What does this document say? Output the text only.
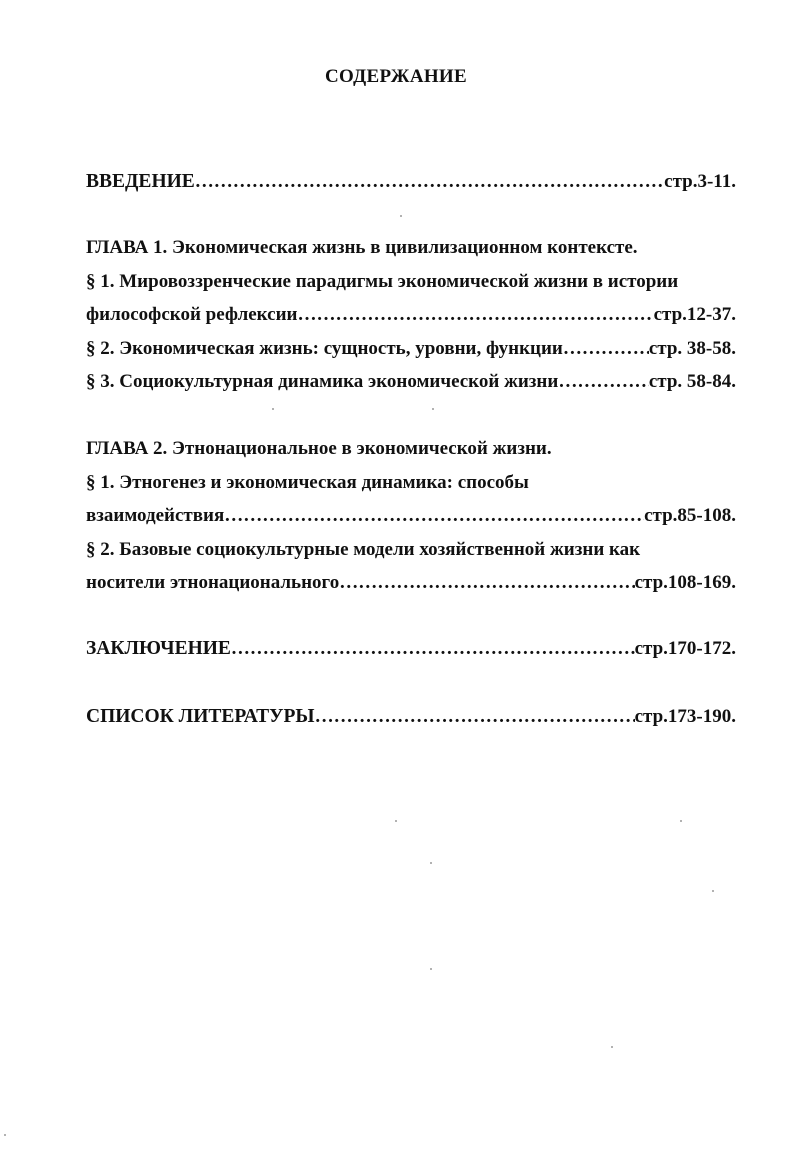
СОДЕРЖАНИЕ
ВВЕДЕНИЕ ……………………………………………………………………………………………………………………………………………………………	стр.3-11.
ГЛАВА 1. Экономическая жизнь в цивилизационном контексте.
§ 1. Мировоззренческие парадигмы экономической жизни в истории
философской рефлексии ……………………………………………………………………………………………………………………………………………………………	стр.12-37.
§ 2. Экономическая жизнь: сущность, уровни, функции ……………………………………………………………………………………………………………………………………………………………	стр. 38-58.
§ 3. Социокультурная динамика экономической жизни ……………………………………………………………………………………………………………………………………………………………	стр. 58-84.
ГЛАВА 2. Этнонациональное в экономической жизни.
§ 1. Этногенез и экономическая динамика: способы
взаимодействия ……………………………………………………………………………………………………………………………………………………………	стр.85-108.
§ 2. Базовые социокультурные модели хозяйственной жизни как
носители этнонационального ……………………………………………………………………………………………………………………………………………………………	стр.108-169.
ЗАКЛЮЧЕНИЕ ……………………………………………………………………………………………………………………………………………………………	стр.170-172.
СПИСОК ЛИТЕРАТУРЫ ……………………………………………………………………………………………………………………………………………………………	стр.173-190.
